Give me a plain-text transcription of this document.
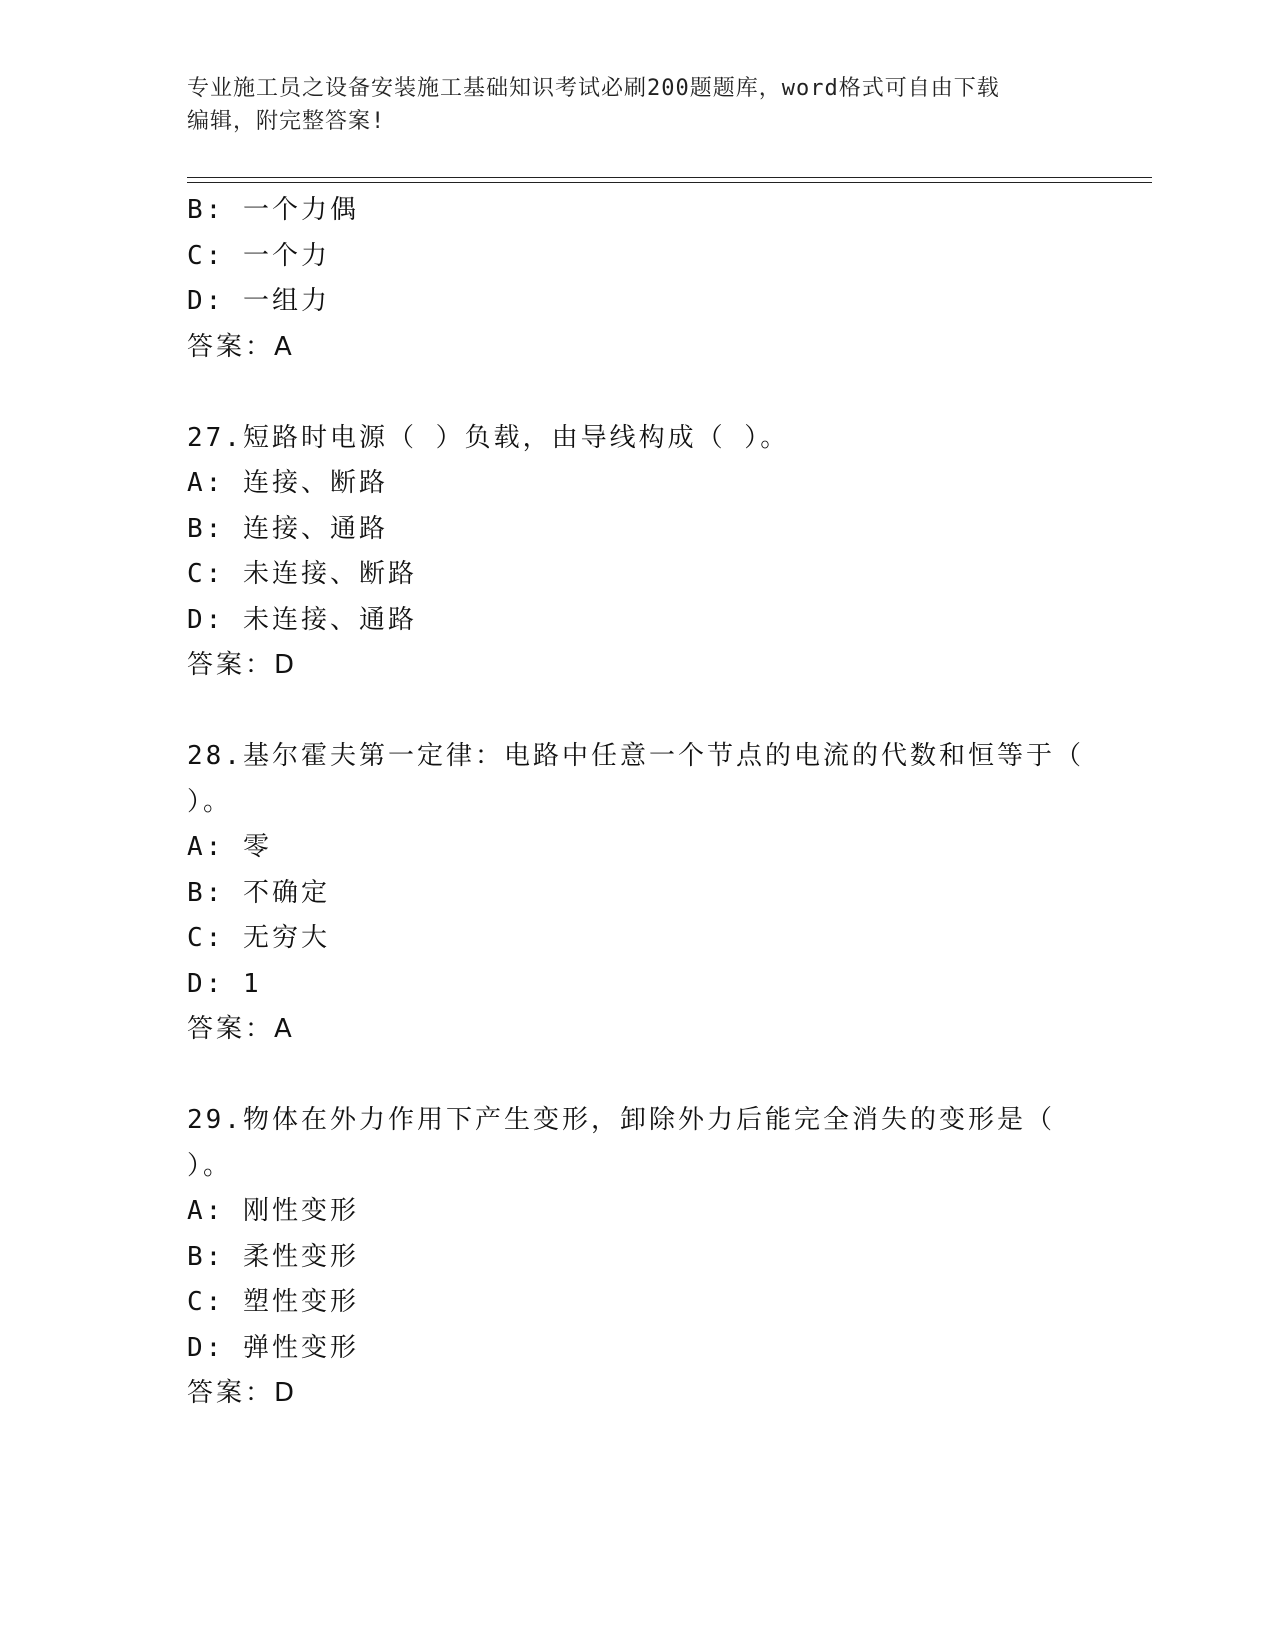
专业施工员之设备安装施工基础知识考试必刷200题题库，word格式可自由下载
编辑，附完整答案!
B: 一个力偶
C: 一个力
D: 一组力
答案：A
27.短路时电源（ ）负载，由导线构成（ ）。
A: 连接、断路
B: 连接、通路
C: 未连接、断路
D: 未连接、通路
答案：D
28.基尔霍夫第一定律：电路中任意一个节点的电流的代数和恒等于（
）。
A: 零
B: 不确定
C: 无穷大
D: 1
答案：A
29.物体在外力作用下产生变形，卸除外力后能完全消失的变形是（
）。
A: 刚性变形
B: 柔性变形
C: 塑性变形
D: 弹性变形
答案：D
